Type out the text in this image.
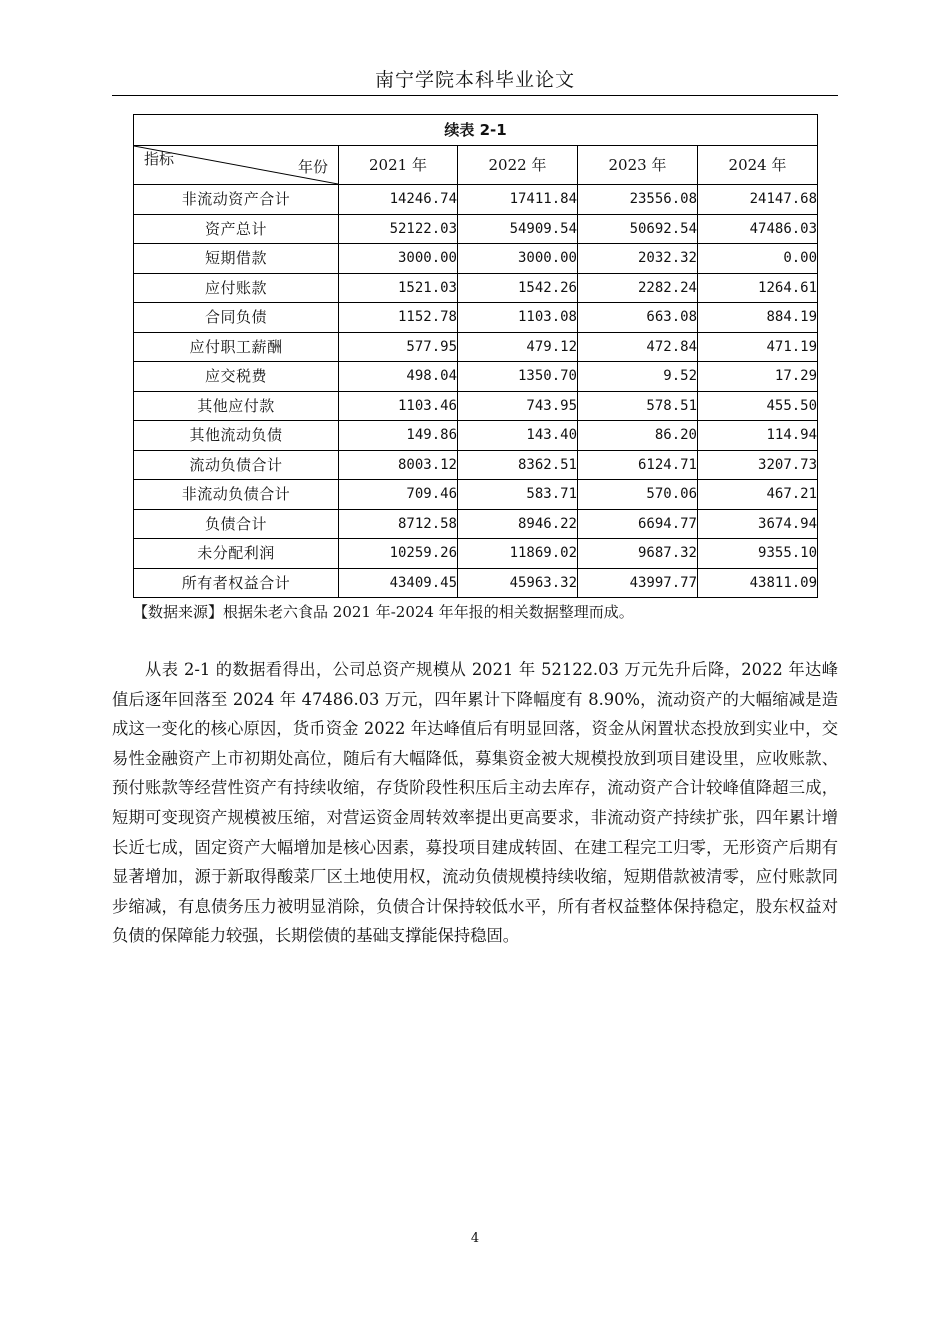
南宁学院本科毕业论文
续表 2-1				

指标 年份	2021 年	2022 年	2023 年	2024 年
非流动资产合计	14246.74	17411.84	23556.08	24147.68
资产总计	52122.03	54909.54	50692.54	47486.03
短期借款	3000.00	3000.00	2032.32	0.00
应付账款	1521.03	1542.26	2282.24	1264.61
合同负债	1152.78	1103.08	663.08	884.19
应付职工薪酬	577.95	479.12	472.84	471.19
应交税费	498.04	1350.70	9.52	17.29
其他应付款	1103.46	743.95	578.51	455.50
其他流动负债	149.86	143.40	86.20	114.94
流动负债合计	8003.12	8362.51	6124.71	3207.73
非流动负债合计	709.46	583.71	570.06	467.21
负债合计	8712.58	8946.22	6694.77	3674.94
未分配利润	10259.26	11869.02	9687.32	9355.10
所有者权益合计	43409.45	45963.32	43997.77	43811.09
【数据来源】根据朱老六食品 2021 年-2024 年年报的相关数据整理而成。

从表 2-1 的数据看得出，公司总资产规模从 2021 年 52122.03 万元先升后降，2022 年达峰值后逐年回落至 2024 年 47486.03 万元，四年累计下降幅度有 8.90%，流动资产的大幅缩减是造成这一变化的核心原因，货币资金 2022 年达峰值后有明显回落，资金从闲置状态投放到实业中，交易性金融资产上市初期处高位，随后有大幅降低，募集资金被大规模投放到项目建设里，应收账款、预付账款等经营性资产有持续收缩，存货阶段性积压后主动去库存，流动资产合计较峰值降超三成，短期可变现资产规模被压缩，对营运资金周转效率提出更高要求，非流动资产持续扩张，四年累计增长近七成，固定资产大幅增加是核心因素，募投项目建成转固、在建工程完工归零，无形资产后期有显著增加，源于新取得酸菜厂区土地使用权，流动负债规模持续收缩，短期借款被清零，应付账款同步缩减，有息债务压力被明显消除，负债合计保持较低水平，所有者权益整体保持稳定，股东权益对负债的保障能力较强，长期偿债的基础支撑能保持稳固。

4
